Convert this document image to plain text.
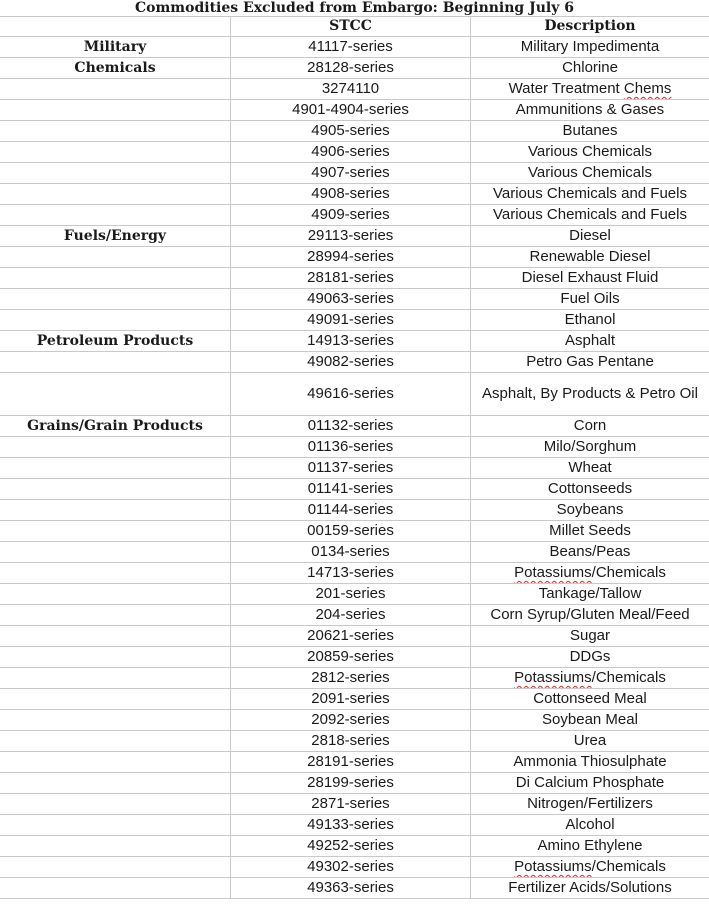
Commodities Excluded from Embargo: Beginning July 6
	STCC	Description
Military	41117-series	Military Impedimenta
Chemicals	28128-series	Chlorine
	3274110	Water Treatment Chems
	4901-4904-series	Ammunitions & Gases
	4905-series	Butanes
	4906-series	Various Chemicals
	4907-series	Various Chemicals
	4908-series	Various Chemicals and Fuels
	4909-series	Various Chemicals and Fuels
Fuels/Energy	29113-series	Diesel
	28994-series	Renewable Diesel
	28181-series	Diesel Exhaust Fluid
	49063-series	Fuel Oils
	49091-series	Ethanol
Petroleum Products	14913-series	Asphalt
	49082-series	Petro Gas Pentane
	49616-series	Asphalt, By Products & Petro Oil
Grains/Grain Products	01132-series	Corn
	01136-series	Milo/Sorghum
	01137-series	Wheat
	01141-series	Cottonseeds
	01144-series	Soybeans
	00159-series	Millet Seeds
	0134-series	Beans/Peas
	14713-series	Potassiums/Chemicals
	201-series	Tankage/Tallow
	204-series	Corn Syrup/Gluten Meal/Feed
	20621-series	Sugar
	20859-series	DDGs
	2812-series	Potassiums/Chemicals
	2091-series	Cottonseed Meal
	2092-series	Soybean Meal
	2818-series	Urea
	28191-series	Ammonia Thiosulphate
	28199-series	Di Calcium Phosphate
	2871-series	Nitrogen/Fertilizers
	49133-series	Alcohol
	49252-series	Amino Ethylene
	49302-series	Potassiums/Chemicals
	49363-series	Fertilizer Acids/Solutions
